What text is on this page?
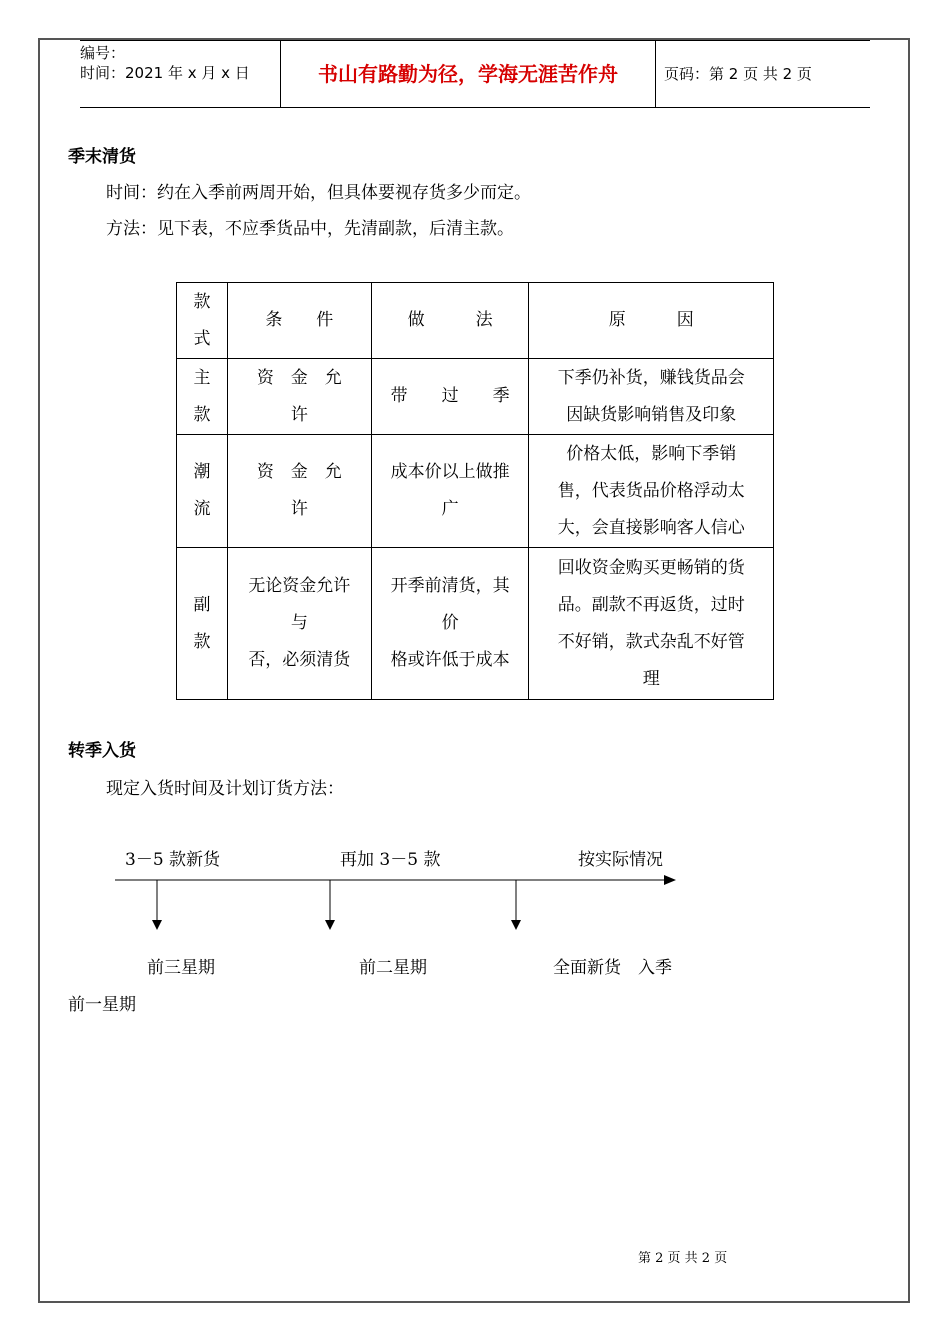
编号：
时间：2021 年 x 月 x 日	书山有路勤为径，学海无涯苦作舟	页码：第 2 页 共 2 页
季末清货
时间：约在入季前两周开始，但具体要视存货多少而定。
方法：见下表，不应季货品中，先清副款，后清主款。
款
式	条　　件	做　　　法	原　　　因

主
款	资　金　允
许	带　　过　　季	下季仍补货，赚钱货品会
因缺货影响销售及印象

潮
流	资　金　允
许	成本价以上做推
广	价格太低，影响下季销
售，代表货品价格浮动太
大，会直接影响客人信心

副
款	无论资金允许
与
否，必须清货	开季前清货，其
价
格或许低于成本	回收资金购买更畅销的货
品。副款不再返货，过时
不好销，款式杂乱不好管
理
转季入货
现定入货时间及计划订货方法：
3－5 款新货	再加 3－5 款	按实际情况
前三星期	前二星期	全面新货　入季
前一星期
第 2 页 共 2 页
